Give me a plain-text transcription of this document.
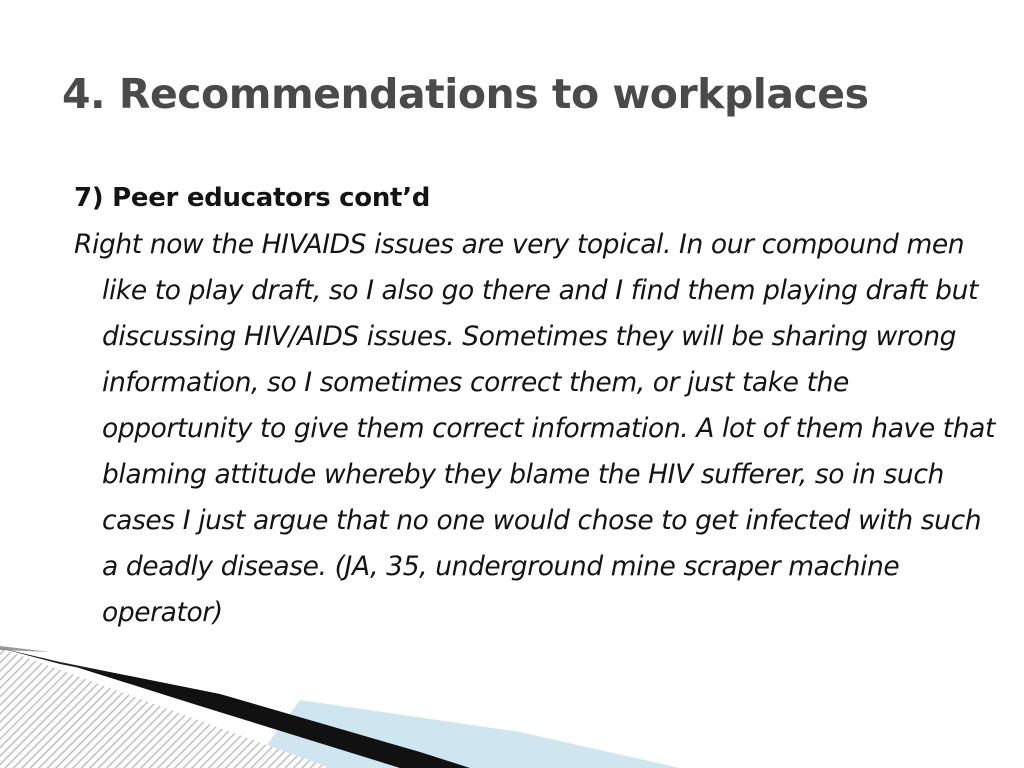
4. Recommendations to workplaces

7) Peer educators cont’d

Right now the HIVAIDS issues are very topical. In our compound men like to play draft, so I also go there and I find them playing draft but discussing HIV/AIDS issues. Sometimes they will be sharing wrong information, so I sometimes correct them, or just take the opportunity to give them correct information. A lot of them have that blaming attitude whereby they blame the HIV sufferer, so in such cases I just argue that no one would chose to get infected with such a deadly disease. (JA, 35, underground mine scraper machine operator)
